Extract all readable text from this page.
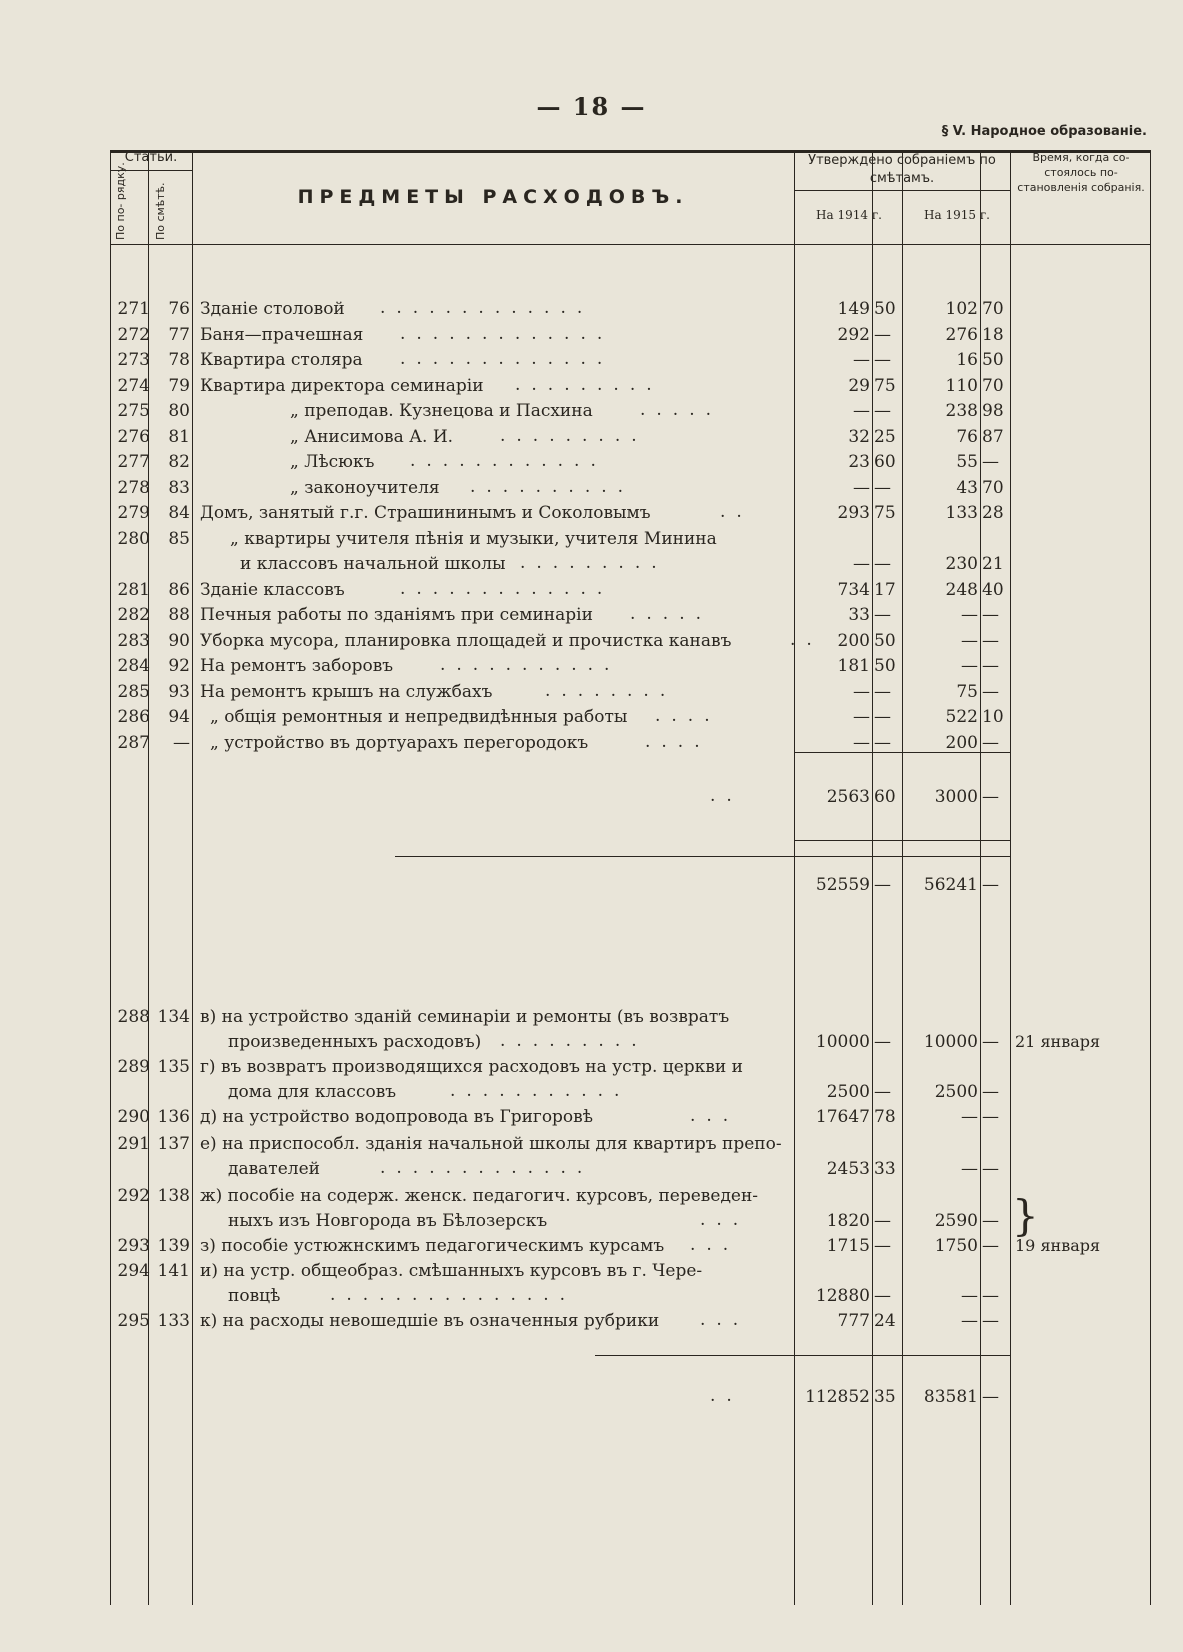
— 18 —
§ V. Народное образованіе.
Статьи.
По по- рядку. По смѣтѣ.	ПРЕДМЕТЫ РАСХОДОВЪ.
Утверждено собраніемъ по смѣтамъ.
На 1914 г.	На 1915 г.
Время, когда со- стоялось по- становленія собранія.
271	76 Зданіе столовой	149 50	102 70
272	77 Баня—прачешная	292 —	276 18
273	78 Квартира столяра	— —	16 50
274	79 Квартира директора семинаріи	29 75	110 70
275	80	„ преподав. Кузнецова и Пасхина	— —	238 98
276	81	„ Анисимова А. И.	32 25	76 87
277	82	„ Лѣсюкъ	23 60	55 —
278	83	„ законоучителя	— —	43 70
279	84 Домъ, занятый г.г. Страшининымъ и Соколовымъ	293 75	133 28
280	85 „ квартиры учителя пѣнія и музыки, учителя Минина
и классовъ начальной школы	— —	230 21
281	86 Зданіе классовъ	734 17	248 40
282	88 Печныя работы по зданіямъ при семинаріи	33 —	— —
283	90 Уборка мусора, планировка площадей и прочистка канавъ	200 50	— —
284	92 На ремонтъ заборовъ	181 50	— —
285	93 На ремонтъ крышъ на службахъ	— —	75 —
286	94 „ общія ремонтныя и непредвидѣнныя работы	— —	522 10
287	— „ устройство въ дортуарахъ перегородокъ	— —	200 —
2563 60	3000 —
52559 —	56241 —
288 134 в) на устройство зданій семинаріи и ремонты (въ возвратъ
произведенныхъ расходовъ)	10000 —	10000 —	21 января
289 135 г) въ возвратъ производящихся расходовъ на устр. церкви и
дома для классовъ	2500 —	2500 —
290 136 д) на устройство водопровода въ Григоровѣ	17647 78	— —
291 137 е) на приспособл. зданія начальной школы для квартиръ препо-
давателей	2453 33	— —
292 138 ж) пособіе на содерж. женск. педагогич. курсовъ, переведен-
ныхъ изъ Новгорода въ Бѣлозерскъ	1820 —	2590 —
293 139 з) пособіе устюжнскимъ педагогическимъ курсамъ	1715 —	1750 —	19 января
294 141 и) на устр. общеобраз. смѣшанныхъ курсовъ въ г. Чере-
повцѣ	12880 —	— —
295 133 к) на расходы невошедшіе въ означенныя рубрики	777 24	— —
112852 35	83581 —
.............
.............
.............
.........
.....
.........
............
..........
..
.........
.............
.....
..
...........
........
....
....
.........
...........
...
.............
...
...
...............
...
..
..
}
